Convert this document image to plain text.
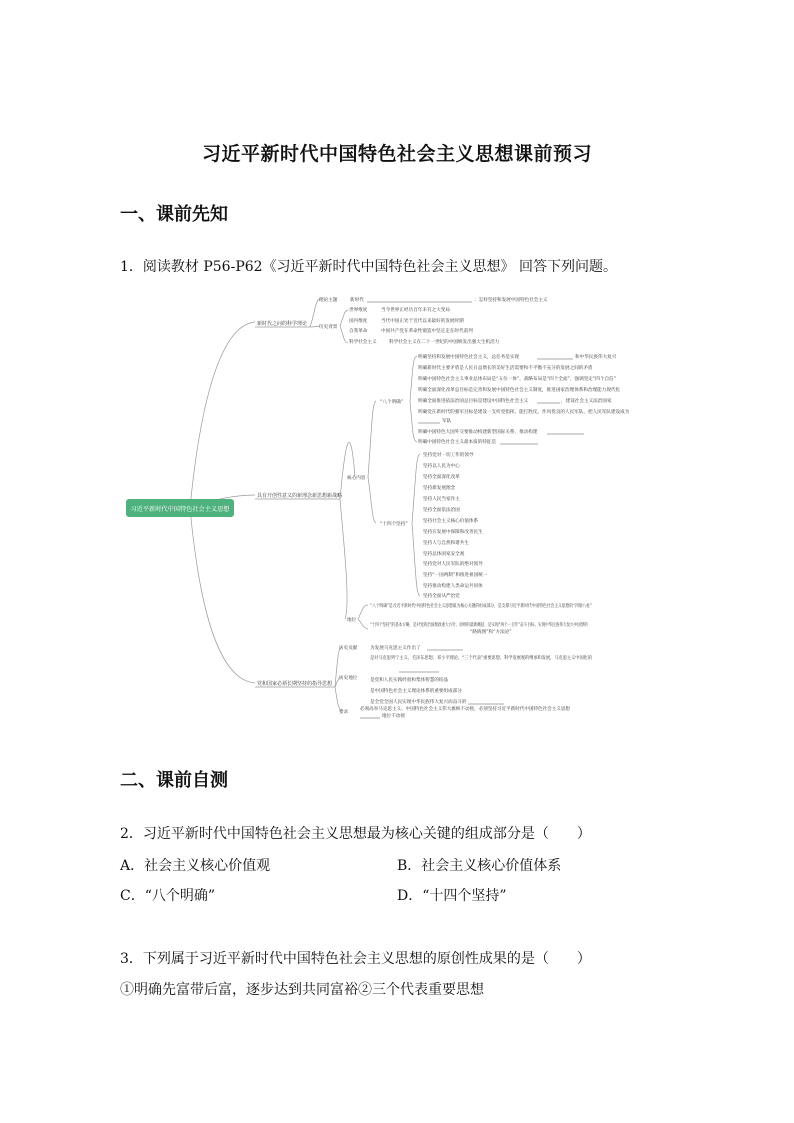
习近平新时代中国特色社会主义思想课前预习
一、课前先知
1．阅读教材 P56-P62《习近平新时代中国特色社会主义思想》 回答下列问题。
习近平新时代中国特色社会主义思想
新时代之问的科学理论
理论主题	新时代	：怎样坚持和发展中国特色社会主义
历史背景
世界维度	当今世界正经历百年未有之大变局
国内维度	当代中国正处于近代以来最好的发展时期
自我革命	中国共产党在革命性锻造中坚定走在时代前列
科学社会主义	科学社会主义在二十一世纪的中国焕发出强大生机活力
具有开创性意义的新理念新思想新战略
核心内容
“八个明确”
明确坚持和发展中国特色社会主义，总任务是实现	和中华民族伟大复兴
明确新时代主要矛盾是人民日益增长的美好生活需要和不平衡不充分的发展之间的矛盾
明确中国特色社会主义事业总体布局是“五位一体”，战略布局是“四个全面”，强调坚定“四个自信”
明确全面深化改革总目标是完善和发展中国特色社会主义制度，推进国家治理体系和治理能力现代化
明确全面推进依法治国总目标是建设中国特色社会主义	，建设社会主义法治国家
明确党在新时代的强军目标是建设一支听党指挥、能打胜仗、作风优良的人民军队，把人民军队建设成为
军队
明确中国特色大国外交要推动构建新型国际关系，推动构建
明确中国特色社会主义最本质的特征是
“十四个坚持”
坚持党对一切工作的领导
坚持以人民为中心
坚持全面深化改革
坚持新发展理念
坚持人民当家作主
坚持全面依法治国
坚持社会主义核心价值体系
坚持在发展中保障和改善民生
坚持人与自然和谐共生
坚持总体国家安全观
坚持党对人民军队的绝对领导
坚持“一国两制”和推进祖国统一
坚持推动构建人类命运共同体
坚持全面从严治党
地位
“八个明确”是习近平新时代中国特色社会主义思想最为核心关键的组成部分，是支撑习近平新时代中国特色社会主义思想的“四梁八柱”
“十四个坚持”的基本方略，是对党的治国理政重大方针、原则的最新概括，是实现“两个一百年”奋斗目标、实现中华民族伟大复兴中国梦的
“路线图”和“方法论”
党和国家必须长期坚持的指导思想
历史贡献	为发展马克思主义作出了
是对马克思列宁主义、毛泽东思想、邓小平理论、“三个代表”重要思想、科学发展观的继承和发展，马克思主义中国化的
历史地位	是党和人民实践经验和集体智慧的结晶
是中国特色社会主义理论体系的重要组成部分
是全党全国人民实现中华民族伟大复兴而奋斗的
要求
必须高举马克思主义、中国特色社会主义伟大旗帜不动摇，必须坚持习近平新时代中国特色社会主义思想
地位不动摇
二、课前自测
2．习近平新时代中国特色社会主义思想最为核心关键的组成部分是（　　）
A．社会主义核心价值观	B．社会主义核心价值体系
C．“八个明确”	D．“十四个坚持”
3．下列属于习近平新时代中国特色社会主义思想的原创性成果的是（　　）
①明确先富带后富，逐步达到共同富裕②三个代表重要思想
